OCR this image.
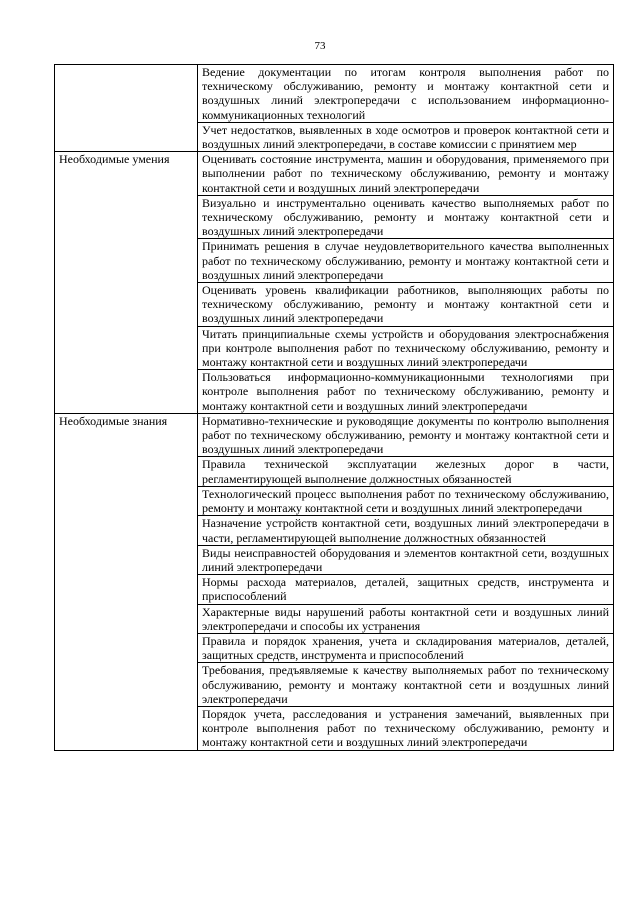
73

	Ведение документации по итогам контроля выполнения работ по техническому обслуживанию, ремонту и монтажу контактной сети и воздушных линий электропередачи с использованием информационно-коммуникационных технологий

	Учет недостатков, выявленных в ходе осмотров и проверок контактной сети и воздушных линий электропередачи, в составе комиссии с принятием мер

Необходимые умения	Оценивать состояние инструмента, машин и оборудования, применяемого при выполнении работ по техническому обслуживанию, ремонту и монтажу контактной сети и воздушных линий электропередачи

	Визуально и инструментально оценивать качество выполняемых работ по техническому обслуживанию, ремонту и монтажу контактной сети и воздушных линий электропередачи

	Принимать решения в случае неудовлетворительного качества выполненных работ по техническому обслуживанию, ремонту и монтажу контактной сети и воздушных линий электропередачи

	Оценивать уровень квалификации работников, выполняющих работы по техническому обслуживанию, ремонту и монтажу контактной сети и воздушных линий электропередачи

	Читать принципиальные схемы устройств и оборудования электроснабжения при контроле выполнения работ по техническому обслуживанию, ремонту и монтажу контактной сети и воздушных линий электропередачи

	Пользоваться информационно-коммуникационными технологиями при контроле выполнения работ по техническому обслуживанию, ремонту и монтажу контактной сети и воздушных линий электропередачи

Необходимые знания	Нормативно-технические и руководящие документы по контролю выполнения работ по техническому обслуживанию, ремонту и монтажу контактной сети и воздушных линий электропередачи

	Правила технической эксплуатации железных дорог в части, регламентирующей выполнение должностных обязанностей

	Технологический процесс выполнения работ по техническому обслуживанию, ремонту и монтажу контактной сети и воздушных линий электропередачи

	Назначение устройств контактной сети, воздушных линий электропередачи в части, регламентирующей выполнение должностных обязанностей

	Виды неисправностей оборудования и элементов контактной сети, воздушных линий электропередачи

	Нормы расхода материалов, деталей, защитных средств, инструмента и приспособлений

	Характерные виды нарушений работы контактной сети и воздушных линий электропередачи и способы их устранения

	Правила и порядок хранения, учета и складирования материалов, деталей, защитных средств, инструмента и приспособлений

	Требования, предъявляемые к качеству выполняемых работ по техническому обслуживанию, ремонту и монтажу контактной сети и воздушных линий электропередачи

	Порядок учета, расследования и устранения замечаний, выявленных при контроле выполнения работ по техническому обслуживанию, ремонту и монтажу контактной сети и воздушных линий электропередачи
